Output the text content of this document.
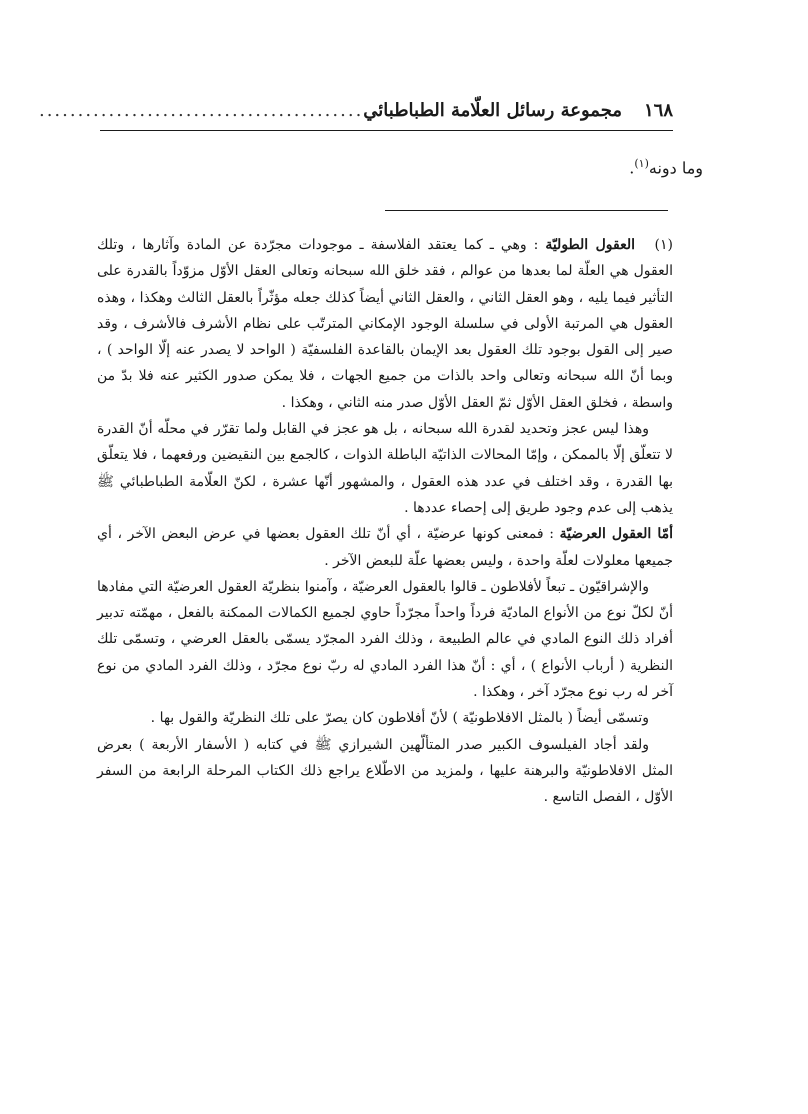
١٦٨
مجموعة رسائل العلّامة الطباطبائي
..........................................
وما دونه$^{(١)}$.

(١)العقول الطوليّة : وهي ـ كما يعتقد الفلاسفة ـ موجودات مجرّدة عن المادة وآثارها ، وتلك العقول هي العلّة لما بعدها من عوالم ، فقد خلق الله سبحانه وتعالى العقل الأوّل مزوّداً بالقدرة على التأثير فيما يليه ، وهو العقل الثاني ، والعقل الثاني أيضاً كذلك جعله مؤثّراً بالعقل الثالث وهكذا ، وهذه العقول هي المرتبة الأولى في سلسلة الوجود الإمكاني المترتّب على نظام الأشرف فالأشرف ، وقد صير إلى القول بوجود تلك العقول بعد الإيمان بالقاعدة الفلسفيّة ( الواحد لا يصدر عنه إلّا الواحد ) ، وبما أنّ الله سبحانه وتعالى واحد بالذات من جميع الجهات ، فلا يمكن صدور الكثير عنه فلا بدّ من واسطة ، فخلق العقل الأوّل ثمّ العقل الأوّل صدر منه الثاني ، وهكذا .

وهذا ليس عجز وتحديد لقدرة الله سبحانه ، بل هو عجز في القابل ولما تقرّر في محلّه أنّ القدرة لا تتعلّق إلّا بالممكن ، وإمّا المحالات الذاتيّة الباطلة الذوات ، كالجمع بين النقيضين ورفعهما ، فلا يتعلّق بها القدرة ، وقد اختلف في عدد هذه العقول ، والمشهور أنّها عشرة ، لكنّ العلّامة الطباطبائي ﷺ يذهب إلى عدم وجود طريق إلى إحصاء عددها .

أمّا العقول العرضيّة : فمعنى كونها عرضيّة ، أي أنّ تلك العقول بعضها في عرض البعض الآخر ، أي جميعها معلولات لعلّة واحدة ، وليس بعضها علّة للبعض الآخر .

والإشراقيّون ـ تبعاً لأفلاطون ـ قالوا بالعقول العرضيّة ، وآمنوا بنظريّة العقول العرضيّة التي مفادها أنّ لكلّ نوع من الأنواع الماديّة فرداً واحداً مجرّداً حاوي لجميع الكمالات الممكنة بالفعل ، مهمّته تدبير أفراد ذلك النوع المادي في عالم الطبيعة ، وذلك الفرد المجرّد يسمّى بالعقل العرضي ، وتسمّى تلك النظرية ( أرباب الأنواع ) ، أي : أنّ هذا الفرد المادي له ربّ نوع مجرّد ، وذلك الفرد المادي من نوع آخر له رب نوع مجرّد آخر ، وهكذا .

وتسمّى أيضاً ( بالمثل الافلاطونيّة ) لأنّ أفلاطون كان يصرّ على تلك النظريّة والقول بها .

ولقد أجاد الفيلسوف الكبير صدر المتألّهين الشيرازي ﷺ في كتابه ( الأسفار الأربعة ) بعرض المثل الافلاطونيّة والبرهنة عليها ، ولمزيد من الاطّلاع يراجع ذلك الكتاب المرحلة الرابعة من السفر الأوّل ، الفصل التاسع .
